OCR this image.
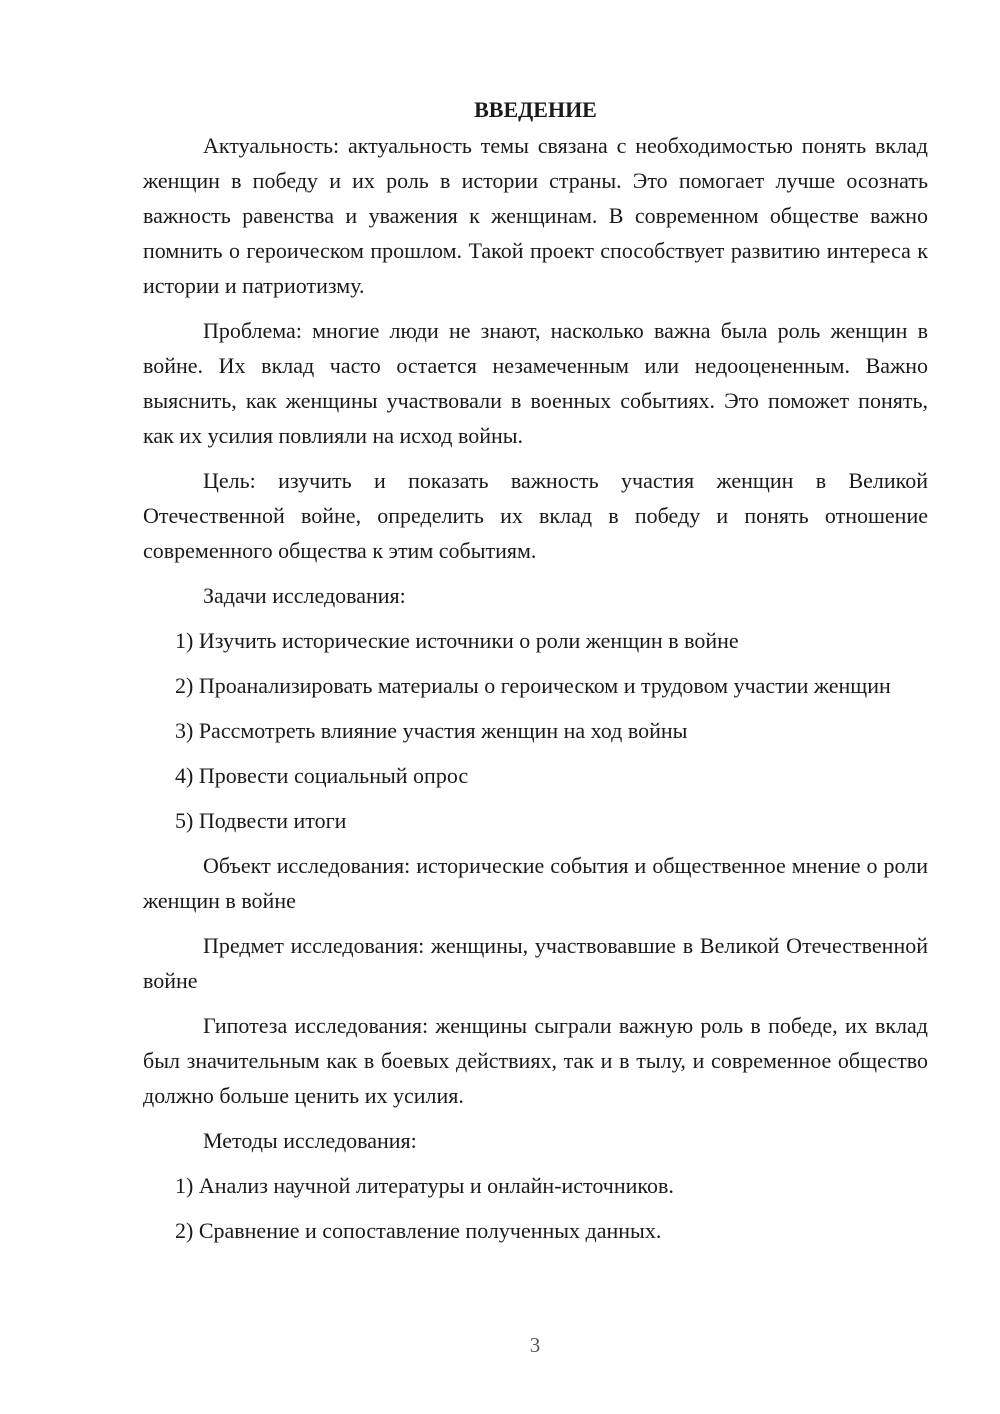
ВВЕДЕНИЕ

Актуальность: актуальность темы связана с необходимостью понять вклад женщин в победу и их роль в истории страны. Это помогает лучше осознать важность равенства и уважения к женщинам. В современном обществе важно помнить о героическом прошлом. Такой проект способствует развитию интереса к истории и патриотизму.

Проблема: многие люди не знают, насколько важна была роль женщин в войне. Их вклад часто остается незамеченным или недооцененным. Важно выяснить, как женщины участвовали в военных событиях. Это поможет понять, как их усилия повлияли на исход войны.

Цель: изучить и показать важность участия женщин в Великой Отечественной войне, определить их вклад в победу и понять отношение современного общества к этим событиям.

Задачи исследования:

1) Изучить исторические источники о роли женщин в войне

2) Проанализировать материалы о героическом и трудовом участии женщин

3) Рассмотреть влияние участия женщин на ход войны

4) Провести социальный опрос

5) Подвести итоги

Объект исследования: исторические события и общественное мнение о роли женщин в войне

Предмет исследования: женщины, участвовавшие в Великой Отечественной войне

Гипотеза исследования: женщины сыграли важную роль в победе, их вклад был значительным как в боевых действиях, так и в тылу, и современное общество должно больше ценить их усилия.

Методы исследования:

1) Анализ научной литературы и онлайн-источников.

2) Сравнение и сопоставление полученных данных.

3
